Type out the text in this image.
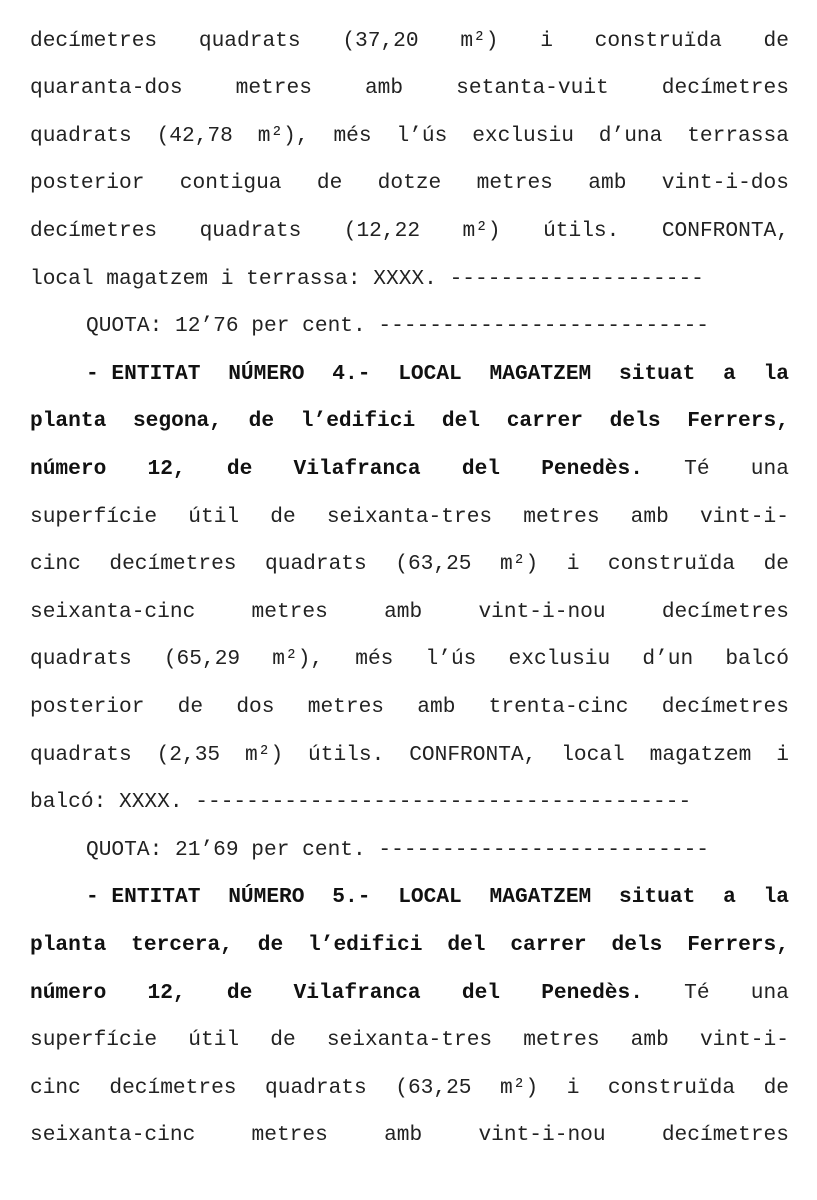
decímetres quadrats (37,20 m²) i construïda de
quaranta-dos	metres	amb	setanta-vuit	decímetres
quadrats (42,78 m²), més l’ús exclusiu d’una terrassa
posterior contigua de dotze metres amb vint-i-dos
decímetres quadrats (12,22 m²) útils. CONFRONTA,
local magatzem i terrassa: XXXX. --------------------
QUOTA: 12’76 per cent. --------------------------
- ENTITAT NÚMERO 4.- LOCAL MAGATZEM situat a la
planta segona, de l’edifici del carrer dels Ferrers,
número 12, de Vilafranca del Penedès. Té una
superfície útil de seixanta-tres metres amb vint-i-
cinc decímetres quadrats (63,25 m²) i construïda de
seixanta-cinc	metres	amb	vint-i-nou	decímetres
quadrats (65,29 m²), més l’ús exclusiu d’un balcó
posterior de dos metres amb trenta-cinc decímetres
quadrats (2,35 m²) útils. CONFRONTA, local magatzem i
balcó: XXXX. ---------------------------------------
QUOTA: 21’69 per cent. --------------------------
- ENTITAT NÚMERO 5.- LOCAL MAGATZEM situat a la
planta tercera, de l’edifici del carrer dels Ferrers,
número 12, de Vilafranca del Penedès. Té una
superfície útil de seixanta-tres metres amb vint-i-
cinc decímetres quadrats (63,25 m²) i construïda de
seixanta-cinc	metres	amb	vint-i-nou	decímetres
